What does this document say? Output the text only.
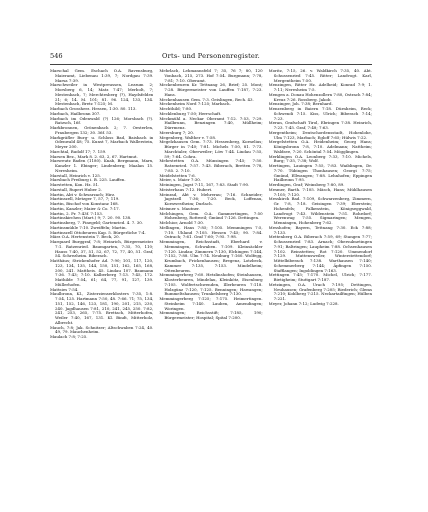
546	Orts- und Personenregister.

Marschal Gem. Eschach O.A. Ravensburg, Maieramt, Liebenau 1:39, 7; Nordgau 7:39. Marsa 7:39.

Marschweiler in Westpreussen, Lezzum 2; Morsberg 6, 14; Matz 7:47; Merbolt, 7; Mestenbach, 7; Merchtesberg (?), Haydsfelden 21; 6; 14. M. 101; 81. 96. 124, 133, 134. Mestenbach, Bretz 7:125; M.

Marbach Grossherz. Hessen, 1:30. 80. 113.

Marbach, Hailbronn 307.

Marbach im Odenwald (?) 126; Morsbach (?). Ratzsch, 16f.

Markbronnen, Grönenbach 2; 7. Oesterlen, Fraubergen 132; 30. 36f. 53.

Markgräfler Burg- u. Schloss Bad, Baisbach in Odenwald 48; 75. Kunst 7, Marbach Wallerstein, Meyer 200.

Marchtal, Rudolf 17; 7. 159.

Marsen Bez., Mark 8. 2. 63, 2, 67. Hartmut.

Marsreutz Baden (1180). Knab, Bergmann, Marx, Kanzler 1. Ebinger; Lindenberg; Maalan 15. Neresheim.

Marstall, Heinrich v. 125.

Marsbach Freiburg i. B. 225. Lauffen.

Marstetten, Kon. Hz. 51.

Marstall, Rupert Huber 2.

Martin, Abt v. Schwarzach; Hirz.

Martinszell, Metzger 7, 57, 7; 119.

Martin, Bischof von Konstanz 168.

Martin, Kanzler; Maier & Co. 7:17.

Martin, 2. Pr. 7:43f. 7:153.

Martinskirchen (Mart.) 9; 7. 20. 90. 138.

Martinsberg, 7. Pinegeld; Gartenried. 4. 7. 30.

Martinsmühle 7:10. Zweiffeln; Martin.

Martinszell Ottobeuren Kap. 5. Bürgerliche 7:4.

März O.A. Hertenstein 7. Beck, 20.

Marquard Burggraf, 7:8; Heinrich, Bürgermeister 7:1. Ratzenried. Baumgarten, 7:35, 70, 110; Hauss 7:40, 37, 51, 52, 67, 72, 77, 40, 51. Graf, 54. Schrezheim. Biberach.

Matthäus; Strickenhofer Ad. 7:90; 101, 117, 120, 123, 134, 135, 144, 150, 151, 162, 165, 168, 200, 241. Mattheis. 45. Lindau 107. Baumann 7:36. 7:43; 7:10. Kalberberg 7:13. 7:45, 172. Mathilde 7:54, 61; 64, 77, 91, 127, 139. Müllerhofen.

Mattsies 7:54.

Maulbronn, Kl., Zisterzienserklosters 7:35, 1:8. 7:54, 125. Hartmann 7:50, 48. 7:66. 71; 75, 134, 151, 152, 146, 123, 181, 190, 201, 215, 230, 240. Jagdhausen 7:81, 210, 241, 245, 250. 7:82, 241, 253, 265, 7:75. Brettach, Mitterhofen, Weiler 7:40, 167, 131. Kl. Bindt, Mitterholz, Albrecht.

Mauch, 7:8; Jak. Schnitzer; Altschwaben 7:24, 40. 49, 79. Mauchenheim.

Maulach 7:8; 7:25.

Mehrlach, Lehmannsfeld 7; 35, 76 7; 80, 120 Vonbach, 215, 273. Hof 7:54. Burgmann; 7:78, 7:81; 7:10. Oberamt.

Meckenbeuren Kr. Tettnang 26, Brief; 25. Mont; 7:28. Bürgermeister von Lauffen 7:187, 7:23. Hans.

Meckenhausen Gem. 7:3. Geislingen, Rech. 43.

Meckenheim Nord 7:125; Marbach.

Mechthild; 7:80.

Mecklenburg 7:50; Herrschaft.

Meckmühl a. Neckar Oberamt 7:12. 7:53, 7:29. Hailbrunn, Benzingen 7:40, Müllheim; Dürrmenz.

Meersburg 7; 20.

Megenberg, Walther v. 7:58.

Megelzhausen Gem. 7:73. Hessenberg, Kornelius; Bürger in 7:40; 7:81. Michels 7:50, 81. 7:73. Marchtaler, Oberweiler; Löw 7:44. Lindau 7:55, 59; 7:64. Cohra.

Mehrstetten O.A. Münsingen 7:45; 7:50. Ratzenried. 7:57. 7:43. Biberach, Bretten 7:78, 7:85. 2. 7:10.

Meidelstetten 7:6.

Meier, s. Maier 7:30.

Meiningen, Jagst 7:11, 167, 7:83. Stadt 7:90.

Meisterhaus 7:12. Hubert.

Meinrad, Abt v. Mehrerau; 7:16. Schneider; Jagstzell 7:36; 7:20. Beck, Loffenau, Kornwestheim; Durlach.

Meixner s. Mautner.

Melchingen, Gem. O.A. Gammertingen, 7:50 Hohenberg, Rottweil; Gmünd 7:126. Dettingen.

Melchior, Arnold 7:30.

Mellingen, Hans 7:85; 7:105. Memmingen 7:5, 7:10. Uhland 7:105. Hessen 7:45; 90. 7:84. Ostrach; 7:61. Graf 7:60; 7:95. 7:98.

Memmingen, Reichsstadt, Eberhard v. Memmingen, Schwaben. 7:109. Kleinsäckler 7:120. Lindau; Zimmern 7:130, Elchingen 7:144, 7:152, 7:88. Ulm 7:74. Neuburg 7:160. Wolfegg, Krumbach, Frickenhausen; Bregenz, Lotzbeck, Kammer 7:135, 7:153. Mindelheim; Ottenbeuren.

Memmingerberg 7:60. Hetzlinshofen; Steinhausen, Klosterbeuren, Mindelau, Kleinkötz, Eisenburg 7:105. Wolfertschwenden, Illerbeuren 7:118. Holzgünz 7:120, 7:125. Benningen; Hawangen; Rummeltshausen; Trunkelsberg 7:130.

Memmingerberg 7:125; 7:175. Heimertingen. Steinheim 7:140. Lauben, Amendingen; Woringen.

Memmingen; Reichsstift; 7:185, 190; Bürgermeister; Hospital; Spital 7:200.

Moritz, 7:15, 26. v. Waldkirch 7:35, 40. Abt. Schussenried 7:45. Ritter; Landvogt. Karl, Mergentheim 7:50.

Menzingen, Ritter Hz. Adelheid; Konrad 7:9; 1. 7:11; Neresheim 7:5.

Mengen a. Donau Hohenzollern 7:80, Ostrach 7:84; Kreuz 7:26. Rossberg. Jakob.

Menzinger, Joh. 7:38; Bernhard.

Menzenberg in Baiern 7:18. Dürnheim, Reck; Schwendi 7:15. Kiss, Ulrich; Biberach 7:14; 7:23.

Meran, Grafschaft Tirol, Ebringen 7:38. Heinrich, 7:23. 7:45. Graf, 7:48; 7:63.

Mergentheim; Deutschordensstadt, Hohenlohe, Ulm 7:123, Marbach; Egloff 7:65; Hülwis 7:22.

Mergelstetten O.A. Heidenheim; Georg Hans; Königsbronn 7:8, 7:10. Adelmann; Nattheim; Waldsee, 7:20. Schöntal 7:54. Mögglingen.

Merklingen O.A. Leonberg 7:33, 7:10. Michels, Burg; 7:35, 7:38; Wolf.

Mertingen, Lauingen 7:55, 7:83. Waiblingen, Dr. 7:70. Tübingen Thonhausen; Georgi 7:75; Gmünd, Ellwangen; 7:88. Lehnhofen; Eppingen Hailbronn 7:95.

Merdingen, Graf; Weinsberg 7:80, 89.

Mesmer, Barth. 7:105. Mäsch, Hans; Mühlhausen 7:105; 7:120.

Messkirch Bad. 7:109, Schwarzenberg, Zimmern, Gr. 7:8, 7:18. Geisingen 7:39; Eberstein; Hohenfels; Falkenstein, Königseggwald, Landvogt 7:43. Wildenstein 7:51. Rohrdorf; Werenwag 7:55. Sigmaringen; Mengen, Menningen, Hohenberg 7:62.

Messhofen; Bayern, Tettnang 7:30. Eck 7:88; 7:133.

Mettenberg O.A. Biberach 7:59, 69; Stangen 7:77; Schussenried 7:83. Arnach; Obersulmetingen 7:91; Baltringen; Laupheim 7:88. Ochsenhausen 7:102. Reinstetten; Rot 7:120. Ummendorf 7:129. Muttensweiler, Winterstettendorf; Mittelbiberach 7:138. Warthausen 7:140; Schemmerberg 7:144; Äpfingen 7:150. Stafflangen; Ingoldingen 7:163.

Mettingen 7:45; 7:170. Michel, Ulrich; 7:177. Bietigheim; Stuttgart 7:187.

Metzingen, O.A. Urach 7:195; Dettingen, Neuhausen; Grafenberg 7:205; Riederich; Glems 7:210; Kohlberg 7:215. Neckartailfingen; Hülben 7:221.

Meyer, Johann 7:12; Ludwig 7:228.
